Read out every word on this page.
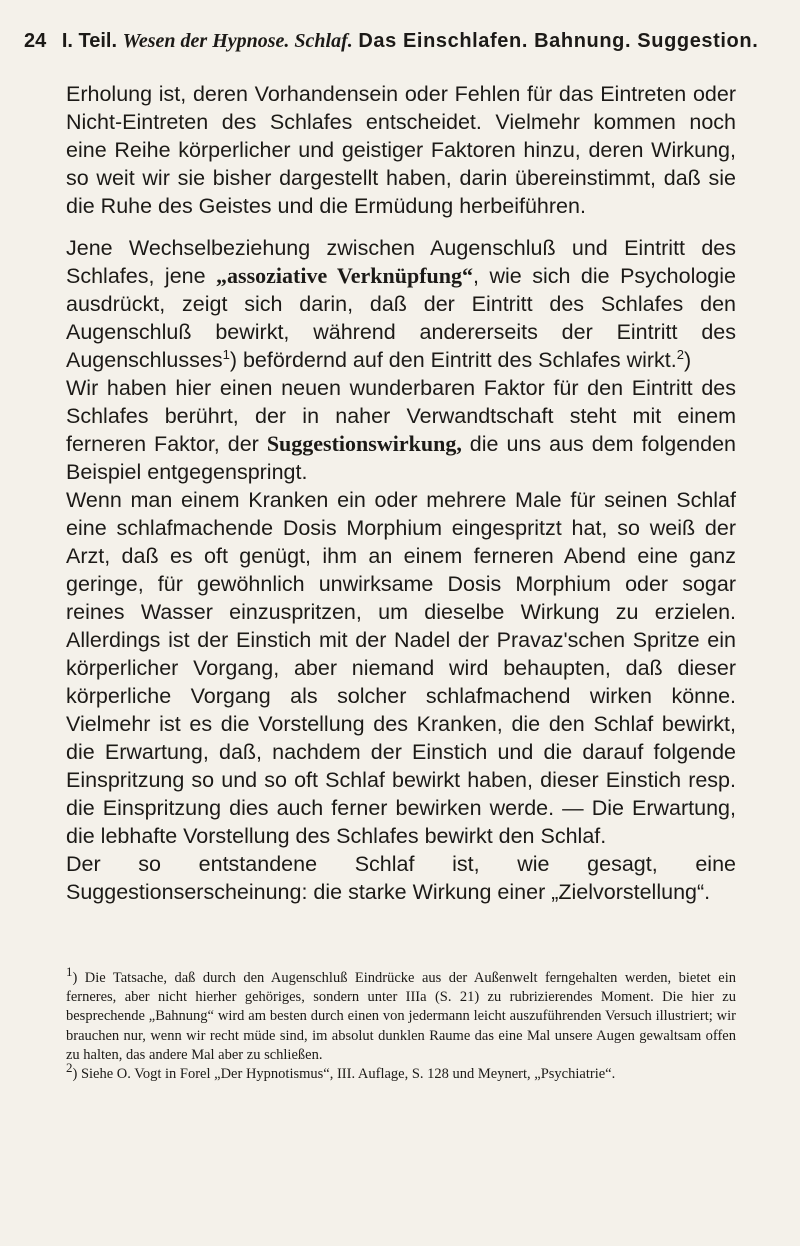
24 I. Teil. Wesen der Hypnose. Schlaf. Das Einschlafen. Bahnung. Suggestion.

Erholung ist, deren Vorhandensein oder Fehlen für das Eintreten oder Nicht-Eintreten des Schlafes entscheidet. Vielmehr kommen noch eine Reihe körperlicher und geistiger Faktoren hinzu, deren Wirkung, so weit wir sie bisher dargestellt haben, darin übereinstimmt, daß sie die Ruhe des Geistes und die Ermüdung herbeiführen.

Jene Wechselbeziehung zwischen Augenschluß und Eintritt des Schlafes, jene „assoziative Verknüpfung“, wie sich die Psychologie ausdrückt, zeigt sich darin, daß der Eintritt des Schlafes den Augenschluß bewirkt, während andererseits der Eintritt des Augenschlusses$^1$) befördernd auf den Eintritt des Schlafes wirkt.$^2$)

Wir haben hier einen neuen wunderbaren Faktor für den Eintritt des Schlafes berührt, der in naher Verwandtschaft steht mit einem ferneren Faktor, der Suggestionswirkung, die uns aus dem folgenden Beispiel entgegenspringt.

Wenn man einem Kranken ein oder mehrere Male für seinen Schlaf eine schlafmachende Dosis Morphium eingespritzt hat, so weiß der Arzt, daß es oft genügt, ihm an einem ferneren Abend eine ganz geringe, für gewöhnlich unwirksame Dosis Morphium oder sogar reines Wasser einzuspritzen, um dieselbe Wirkung zu erzielen. Allerdings ist der Einstich mit der Nadel der Pravaz'schen Spritze ein körperlicher Vorgang, aber niemand wird behaupten, daß dieser körperliche Vorgang als solcher schlafmachend wirken könne. Vielmehr ist es die Vorstellung des Kranken, die den Schlaf bewirkt, die Erwartung, daß, nachdem der Einstich und die darauf folgende Einspritzung so und so oft Schlaf bewirkt haben, dieser Einstich resp. die Einspritzung dies auch ferner bewirken werde. — Die Erwartung, die lebhafte Vorstellung des Schlafes bewirkt den Schlaf.

Der so entstandene Schlaf ist, wie gesagt, eine Suggestionserscheinung: die starke Wirkung einer „Zielvorstellung“.

$^1$) Die Tatsache, daß durch den Augenschluß Eindrücke aus der Außenwelt ferngehalten werden, bietet ein ferneres, aber nicht hierher gehöriges, sondern unter IIIa (S. 21) zu rubrizierendes Moment. Die hier zu besprechende „Bahnung“ wird am besten durch einen von jedermann leicht auszuführenden Versuch illustriert; wir brauchen nur, wenn wir recht müde sind, im absolut dunklen Raume das eine Mal unsere Augen gewaltsam offen zu halten, das andere Mal aber zu schließen.

$^2$) Siehe O. Vogt in Forel „Der Hypnotismus“, III. Auflage, S. 128 und Meynert, „Psychiatrie“.
